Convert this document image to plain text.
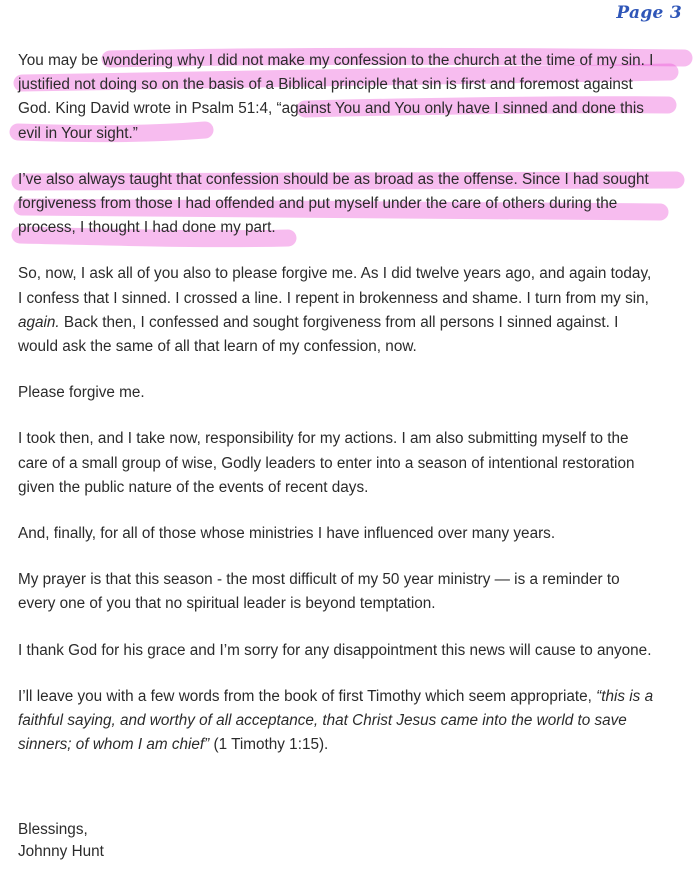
Page 3

You may be wondering why I did not make my confession to the church at the time of my sin. I
justified not doing so on the basis of a Biblical principle that sin is first and foremost against
God. King David wrote in Psalm 51:4, “against You and You only have I sinned and done this
evil in Your sight.”

I’ve also always taught that confession should be as broad as the offense. Since I had sought
forgiveness from those I had offended and put myself under the care of others during the
process, I thought I had done my part.

So, now, I ask all of you also to please forgive me. As I did twelve years ago, and again today,
I confess that I sinned. I crossed a line. I repent in brokenness and shame. I turn from my sin,
again. Back then, I confessed and sought forgiveness from all persons I sinned against. I
would ask the same of all that learn of my confession, now.

Please forgive me.

I took then, and I take now, responsibility for my actions. I am also submitting myself to the
care of a small group of wise, Godly leaders to enter into a season of intentional restoration
given the public nature of the events of recent days.

And, finally, for all of those whose ministries I have influenced over many years.

My prayer is that this season - the most difficult of my 50 year ministry — is a reminder to
every one of you that no spiritual leader is beyond temptation.

I thank God for his grace and I’m sorry for any disappointment this news will cause to anyone.

I’ll leave you with a few words from the book of first Timothy which seem appropriate, “this is a
faithful saying, and worthy of all acceptance, that Christ Jesus came into the world to save
sinners; of whom I am chief” (1 Timothy 1:15).

Blessings,
Johnny Hunt
